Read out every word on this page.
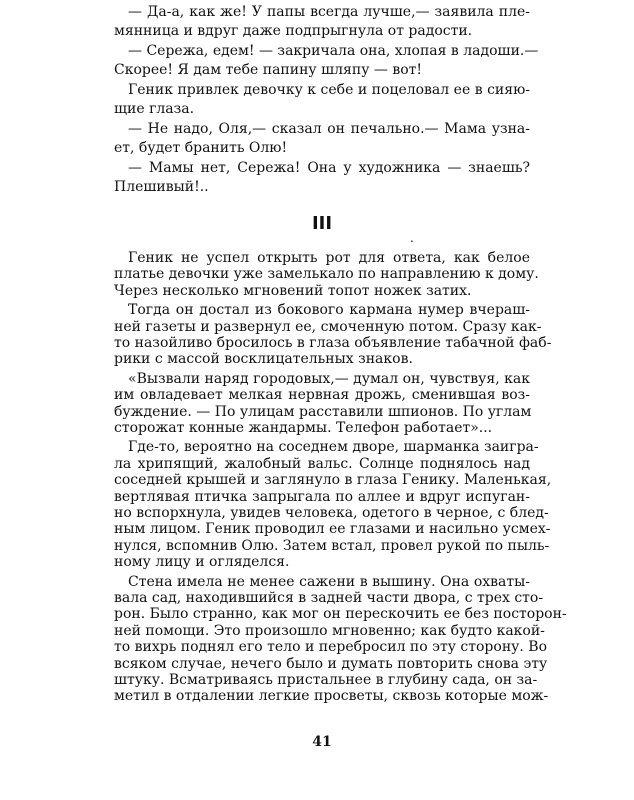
— Да-а, как же! У папы всегда лучше,— заявила пле-
мянница и вдруг даже подпрыгнула от радости.
— Сережа, едем! — закричала она, хлопая в ладоши.—
Скорее! Я дам тебе папину шляпу — вот!
Геник привлек девочку к себе и поцеловал ее в сияю-
щие глаза.
— Не надо, Оля,— сказал он печально.— Мама узна-
ет, будет бранить Олю!
— Мамы нет, Сережа! Она у художника — знаешь?
Плешивый!..
III
.
Геник не успел открыть рот для ответа, как белое
платье девочки уже замелькало по направлению к дому.
Через несколько мгновений топот ножек затих.
Тогда он достал из бокового кармана нумер вчераш-
ней газеты и развернул ее, смоченную потом. Сразу как-
то назойливо бросилось в глаза объявление табачной фаб-
рики с массой восклицательных знаков.
«Вызвали наряд городовых,— думал он, чувствуя, как
им овладевает мелкая нервная дрожь, сменившая воз-
буждение. — По улицам расставили шпионов. По углам
сторожат конные жандармы. Телефон работает»...
Где-то, вероятно на соседнем дворе, шарманка заигра-
ла хрипящий, жалобный вальс. Солнце поднялось над
соседней крышей и заглянуло в глаза Генику. Маленькая,
вертлявая птичка запрыгала по аллее и вдруг испуган-
но вспорхнула, увидев человека, одетого в черное, с блед-
ным лицом. Геник проводил ее глазами и насильно усмех-
нулся, вспомнив Олю. Затем встал, провел рукой по пыль-
ному лицу и огляделся.
Стена имела не менее сажени в вышину. Она охваты-
вала сад, находившийся в задней части двора, с трех сто-
рон. Было странно, как мог он перескочить ее без посторон-
ней помощи. Это произошло мгновенно; как будто какой-
то вихрь поднял его тело и перебросил по эту сторону. Во
всяком случае, нечего было и думать повторить снова эту
штуку. Всматриваясь пристальнее в глубину сада, он за-
метил в отдалении легкие просветы, сквозь которые мож-
41
